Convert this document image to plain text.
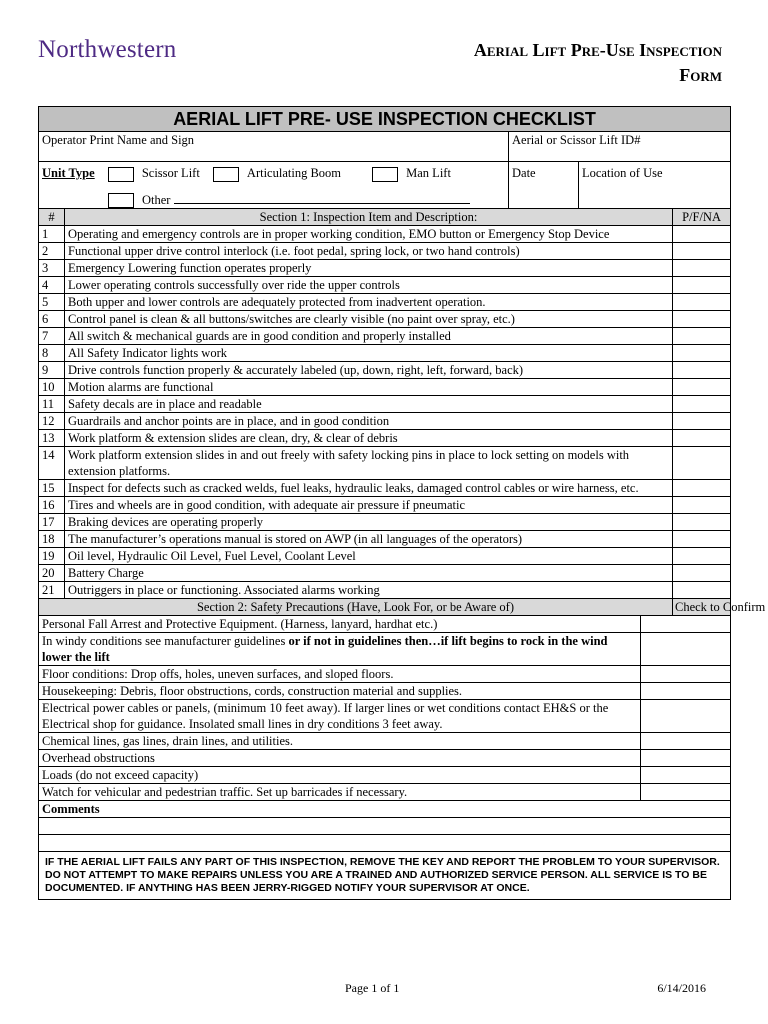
Northwestern	Aerial Lift Pre-Use Inspection
Form
AERIAL LIFT PRE- USE INSPECTION CHECKLIST					
Operator Print Name and Sign		Aerial or Scissor Lift ID#			

Unit Type Scissor Lift Articulating Boom Man Lift
Other		Date	Location of Use		
#	Section 1: Inspection Item and Description:				P/F/NA
1	Operating and emergency controls are in proper working condition, EMO button or Emergency Stop Device				
2	Functional upper drive control interlock (i.e. foot pedal, spring lock, or two hand controls)				
3	Emergency Lowering function operates properly				
4	Lower operating controls successfully over ride the upper controls				
5	Both upper and lower controls are adequately protected from inadvertent operation.				
6	Control panel is clean & all buttons/switches are clearly visible (no paint over spray, etc.)				
7	All switch & mechanical guards are in good condition and properly installed				
8	All Safety Indicator lights work				
9	Drive controls function properly & accurately labeled (up, down, right, left, forward, back)				
10	Motion alarms are functional				
11	Safety decals are in place and readable				
12	Guardrails and anchor points are in place, and in good condition				
13	Work platform & extension slides are clean, dry, & clear of debris				
14	Work platform extension slides in and out freely with safety locking pins in place to lock setting on models with extension platforms.				
15	Inspect for defects such as cracked welds, fuel leaks, hydraulic leaks, damaged control cables or wire harness, etc.				
16	Tires and wheels are in good condition, with adequate air pressure if pneumatic				
17	Braking devices are operating properly				
18	The manufacturer’s operations manual is stored on AWP (in all languages of the operators)				
19	Oil level, Hydraulic Oil Level, Fuel Level, Coolant Level				
20	Battery Charge				
21	Outriggers in place or functioning. Associated alarms working				
Section 2: Safety Precautions (Have, Look For, or be Aware of)					Check to Confirm
Personal Fall Arrest and Protective Equipment. (Harness, lanyard, hardhat etc.)					
In windy conditions see manufacturer guidelines or if not in guidelines then…if lift begins to rock in the wind lower the lift					
Floor conditions: Drop offs, holes, uneven surfaces, and sloped floors.					
Housekeeping: Debris, floor obstructions, cords, construction material and supplies.					
Electrical power cables or panels, (minimum 10 feet away). If larger lines or wet conditions contact EH&S or the Electrical shop for guidance. Insolated small lines in dry conditions 3 feet away.					
Chemical lines, gas lines, drain lines, and utilities.					
Overhead obstructions					
Loads (do not exceed capacity)					
Watch for vehicular and pedestrian traffic. Set up barricades if necessary.					
Comments					

IF THE AERIAL LIFT FAILS ANY PART OF THIS INSPECTION, REMOVE THE KEY AND REPORT THE PROBLEM TO YOUR SUPERVISOR. DO NOT ATTEMPT TO MAKE REPAIRS UNLESS YOU ARE A TRAINED AND AUTHORIZED SERVICE PERSON. ALL SERVICE IS TO BE DOCUMENTED. IF ANYTHING HAS BEEN JERRY-RIGGED NOTIFY YOUR SUPERVISOR AT ONCE.					
Page 1 of 1	6/14/2016
